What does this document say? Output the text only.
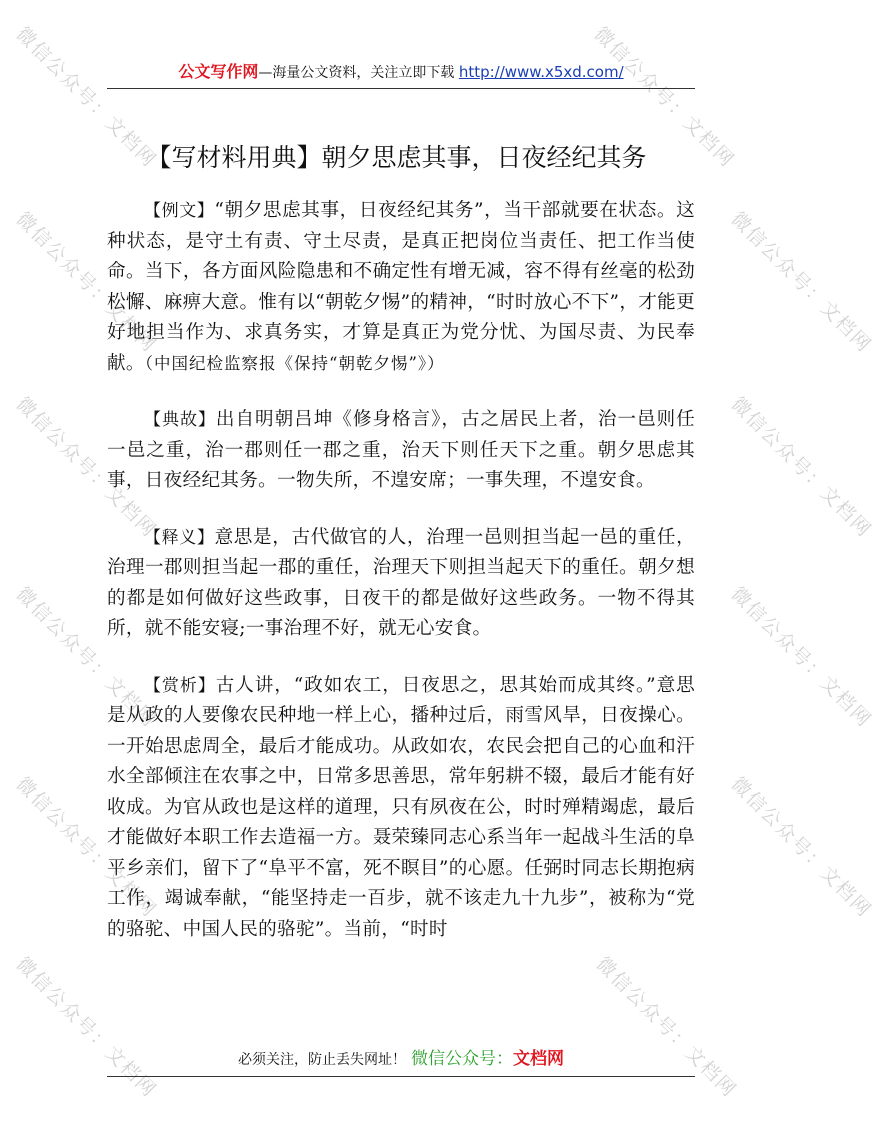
微信公众号：文档网	微信公众号：文档网
微信公众号：文档网	微信公众号：文档网
微信公众号：文档网	微信公众号：文档网
微信公众号：文档网	微信公众号：文档网
微信公众号：文档网	微信公众号：文档网
微信公众号：文档网	微信公众号：文档网
公文写作网—海量公文资料，关注立即下载 http://www.x5xd.com/
【写材料用典】朝夕思虑其事，日夜经纪其务

【例文】“朝夕思虑其事，日夜经纪其务”，当干部就要在状态。这种状态，是守土有责、守土尽责，是真正把岗位当责任、把工作当使命。当下，各方面风险隐患和不确定性有增无减，容不得有丝毫的松劲松懈、麻痹大意。惟有以“朝乾夕惕”的精神，“时时放心不下”，才能更好地担当作为、求真务实，才算是真正为党分忧、为国尽责、为民奉献。（中国纪检监察报《保持“朝乾夕惕”》）

【典故】出自明朝吕坤《修身格言》，古之居民上者，治一邑则任一邑之重，治一郡则任一郡之重，治天下则任天下之重。朝夕思虑其事，日夜经纪其务。一物失所，不遑安席；一事失理，不遑安食。

【释义】意思是，古代做官的人，治理一邑则担当起一邑的重任，治理一郡则担当起一郡的重任，治理天下则担当起天下的重任。朝夕想的都是如何做好这些政事，日夜干的都是做好这些政务。一物不得其所，就不能安寝;一事治理不好，就无心安食。

【赏析】古人讲，“政如农工，日夜思之，思其始而成其终。”意思是从政的人要像农民种地一样上心，播种过后，雨雪风旱，日夜操心。一开始思虑周全，最后才能成功。从政如农，农民会把自己的心血和汗水全部倾注在农事之中，日常多思善思，常年躬耕不辍，最后才能有好收成。为官从政也是这样的道理，只有夙夜在公，时时殚精竭虑，最后才能做好本职工作去造福一方。聂荣臻同志心系当年一起战斗生活的阜平乡亲们，留下了“阜平不富，死不瞑目”的心愿。任弼时同志长期抱病工作，竭诚奉献，“能坚持走一百步，就不该走九十九步”，被称为“党的骆驼、中国人民的骆驼”。当前，“时时

必须关注，防止丢失网址！ 微信公众号：文档网
